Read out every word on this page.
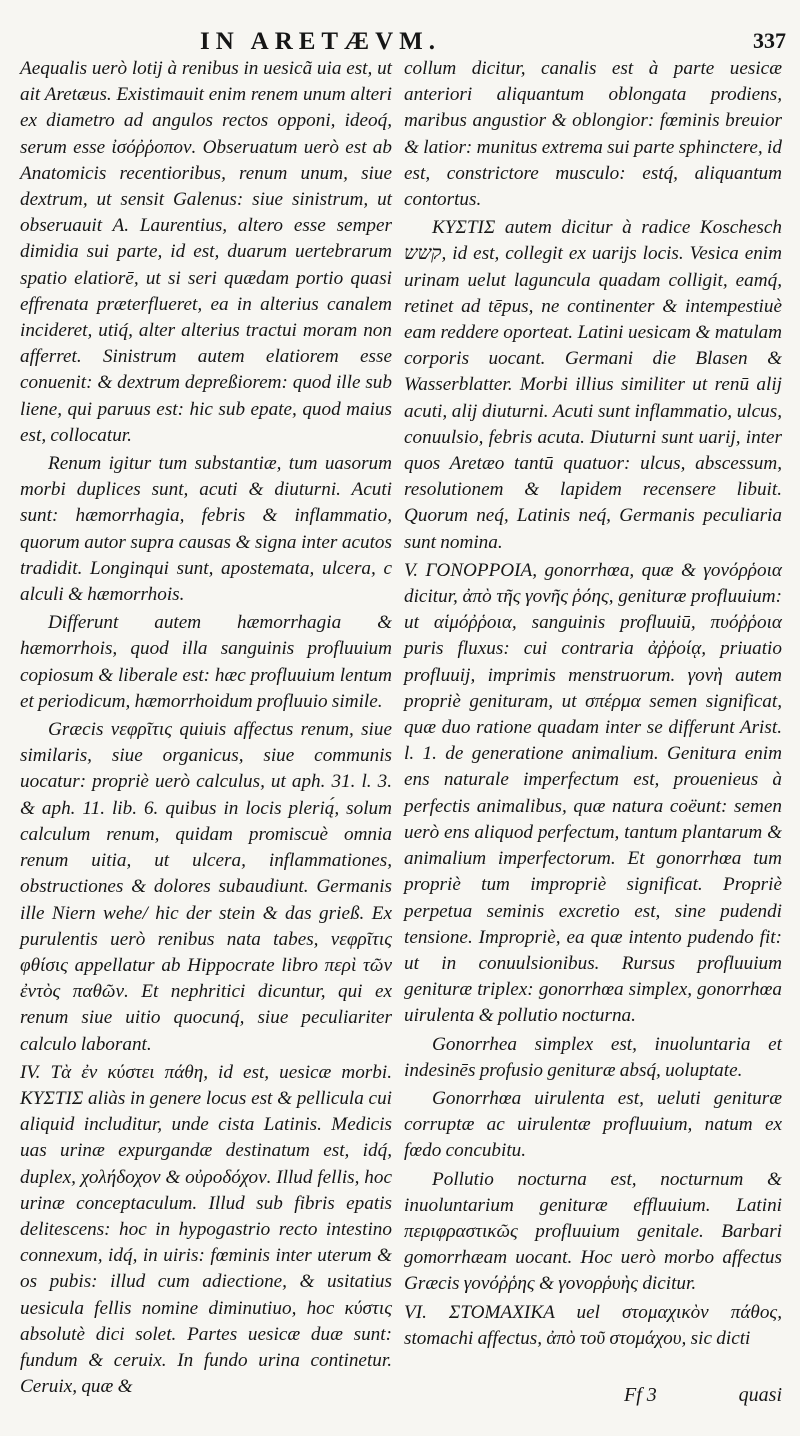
IN ARETÆVM.	337

Aequalis uerò lotij à renibus in uesicã uia est, ut ait Aretæus. Existimauit enim renem unum alteri ex diametro ad angulos rectos opponi, ideoq́, serum esse ἰσόῤῥοπον. Obseruatum uerò est ab Anatomicis recentioribus, renum unum, siue dextrum, ut sensit Galenus: siue sinistrum, ut obseruauit A. Laurentius, altero esse semper dimidia sui parte, id est, duarum uertebrarum spatio elatiorē, ut si seri quædam portio quasi effrenata præterflueret, ea in alterius canalem incideret, utiq́, alter alterius tractui moram non afferret. Sinistrum autem elatiorem esse conuenit: & dextrum depreßiorem: quod ille sub liene, qui paruus est: hic sub epate, quod maius est, collocatur.

Renum igitur tum substantiæ, tum uasorum morbi duplices sunt, acuti & diuturni. Acuti sunt: hæmorrhagia, febris & inflammatio, quorum autor supra causas & signa inter acutos tradidit. Longinqui sunt, apostemata, ulcera, c alculi & hæmorrhois.

Differunt autem hæmorrhagia & hæmorrhois, quod illa sanguinis profluuium copiosum & liberale est: hæc profluuium lentum et periodicum, hæmorrhoidum profluuio simile.

Græcis νεφρῖτις quiuis affectus renum, siue similaris, siue organicus, siue communis uocatur: propriè uerò calculus, ut aph. 31. l. 3. & aph. 11. lib. 6. quibus in locis plerią́, solum calculum renum, quidam promiscuè omnia renum uitia, ut ulcera, inflammationes, obstructiones & dolores subaudiunt. Germanis ille Niern wehe/ hic der stein & das grieß. Ex purulentis uerò renibus nata tabes, νεφρῖτις φθίσις appellatur ab Hippocrate libro περὶ τῶν ἐντὸς παθῶν. Et nephritici dicuntur, qui ex renum siue uitio quocunq́, siue peculiariter calculo laborant.

IV. Τὰ ἐν κύστει πάθη, id est, uesicæ morbi. ΚΥΣΤΙΣ aliàs in genere locus est & pellicula cui aliquid includitur, unde cista Latinis. Medicis uas urinæ expurgandæ destinatum est, idq́, duplex, χολήδοχον & οὐροδόχον. Illud fellis, hoc urinæ conceptaculum. Illud sub fibris epatis delitescens: hoc in hypogastrio recto intestino connexum, idq́, in uiris: fœminis inter uterum & os pubis: illud cum adiectione, & usitatius uesicula fellis nomine diminutiuo, hoc κύστις absolutè dici solet. Partes uesicæ duæ sunt: fundum & ceruix. In fundo urina continetur. Ceruix, quæ &

collum dicitur, canalis est à parte uesicæ anteriori aliquantum oblongata prodiens, maribus angustior & oblongior: fœminis breuior & latior: munitus extrema sui parte sphinctere, id est, constrictore musculo: estq́, aliquantum contortus.

ΚΥΣΤΙΣ autem dicitur à radice Koschesch קשש, id est, collegit ex uarijs locis. Vesica enim urinam uelut laguncula quadam colligit, eamq́, retinet ad tēpus, ne continenter & intempestiuè eam reddere oporteat. Latini uesicam & matulam corporis uocant. Germani die Blasen & Wasserblatter. Morbi illius similiter ut renū alij acuti, alij diuturni. Acuti sunt inflammatio, ulcus, conuulsio, febris acuta. Diuturni sunt uarij, inter quos Aretæo tantū quatuor: ulcus, abscessum, resolutionem & lapidem recensere libuit. Quorum neq́, Latinis neq́, Germanis peculiaria sunt nomina.

V. ΓΟΝΟΡΡΟΙΑ, gonorrhœa, quæ & γονόρῥοια dicitur, ἀπὸ τῆς γονῆς ῥόης, genituræ profluuium: ut αἱμόῤῥοια, sanguinis profluuiū, πυόῤῥοια puris fluxus: cui contraria ἀῤῥοίᾳ, priuatio profluuij, imprimis menstruorum. γονὴ autem propriè genituram, ut σπέρμα semen significat, quæ duo ratione quadam inter se differunt Arist. l. 1. de generatione animalium. Genitura enim ens naturale imperfectum est, prouenieus à perfectis animalibus, quæ natura coëunt: semen uerò ens aliquod perfectum, tantum plantarum & animalium imperfectorum. Et gonorrhœa tum propriè tum impropriè significat. Propriè perpetua seminis excretio est, sine pudendi tensione. Impropriè, ea quæ intento pudendo fit: ut in conuulsionibus. Rursus profluuium genituræ triplex: gonorrhœa simplex, gonorrhœa uirulenta & pollutio nocturna.

Gonorrhea simplex est, inuoluntaria et indesinēs profusio genituræ absq́, uoluptate.

Gonorrhœa uirulenta est, ueluti genituræ corruptæ ac uirulentæ profluuium, natum ex fœdo concubitu.

Pollutio nocturna est, nocturnum & inuoluntarium genituræ effluuium. Latini περιφραστικῶς profluuium genitale. Barbari gomorrhæam uocant. Hoc uerò morbo affectus Græcis γονόῤῥης & γονορῥυὴς dicitur.

VI. ΣΤΟΜΑΧΙΚΑ uel στομαχικὸν πάθος, stomachi affectus, ἀπὸ τοῦ στομάχου, sic dicti

Ff 3	quasi
